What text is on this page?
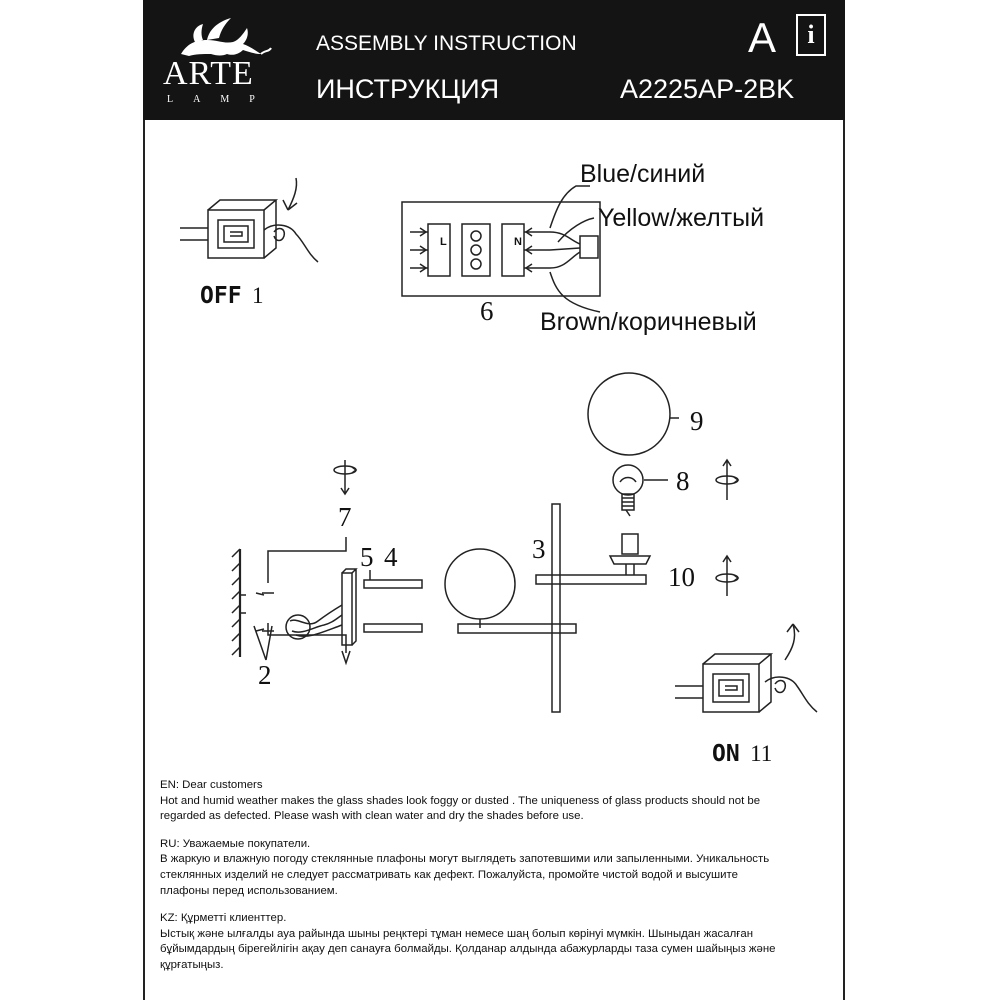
ARTE
LAMP
ASSEMBLY INSTRUCTION
ИНСТРУКЦИЯ
A	i
A2225AP-2BK
OFF 1
L	N
Blue/синий
Yellow/желтый
Brown/коричневый
6
9
8
7
2
5 4	3
10
ON 11

EN: Dear customers
Hot and humid weather makes the glass shades look foggy or dusted . The uniqueness of glass products should not be
regarded as defected. Please wash with clean water and dry the shades before use.

RU: Уважаемые покупатели.
В жаркую и влажную погоду стеклянные плафоны могут выглядеть запотевшими или запыленными. Уникальность
стеклянных изделий не следует рассматривать как дефект. Пожалуйста, промойте чистой водой и высушите
плафоны перед использованием.

KZ: Құрметті клиенттер.
Ыстық және ылғалды ауа райында шыны реңктері тұман немесе шаң болып көрінуі мүмкін. Шыныдан жасалған
бұйымдардың бірегейлігін ақау деп санауға болмайды. Қолданар алдында абажурларды таза сумен шайыңыз және
құрғатыңыз.
